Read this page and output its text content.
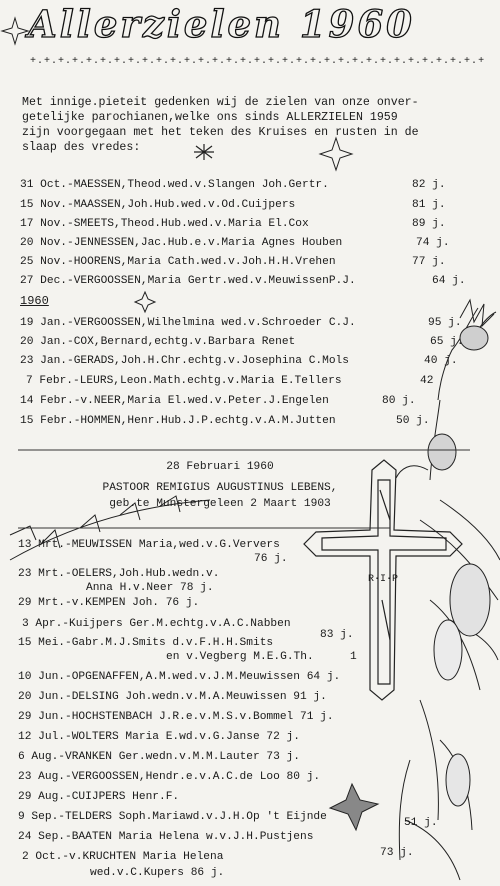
Allerzielen 1960
+.+.+.+.+.+.+.+.+.+.+.+.+.+.+.+.+.+.+.+.+.+.+.+.+.+.+.+.+.+.+.+.+
Met innige.pieteit gedenken wij de zielen van onze onver-
getelijke parochianen,welke ons sinds ALLERZIELEN 1959
zijn voorgegaan met het teken des Kruises en rusten in de
slaap des vredes:
31 Oct.-MAESSEN,Theod.wed.v.Slangen Joh.Gertr.	82 j.
15 Nov.-MAASSEN,Joh.Hub.wed.v.Od.Cuijpers	81 j.
17 Nov.-SMEETS,Theod.Hub.wed.v.Maria El.Cox	89 j.
20 Nov.-JENNESSEN,Jac.Hub.e.v.Maria Agnes Houben	74 j.
25 Nov.-HOORENS,Maria Cath.wed.v.Joh.H.H.Vrehen	77 j.
27 Dec.-VERGOOSSEN,Maria Gertr.wed.v.MeuwissenP.J.	64 j.
1960
19 Jan.-VERGOOSSEN,Wilhelmina wed.v.Schroeder C.J.	95 j.
20 Jan.-COX,Bernard,echtg.v.Barbara Renet	65 j.
23 Jan.-GERADS,Joh.H.Chr.echtg.v.Josephina C.Mols	40 j.
7 Febr.-LEURS,Leon.Math.echtg.v.Maria E.Tellers	42
14 Febr.-v.NEER,Maria El.wed.v.Peter.J.Engelen	80 j.
15 Febr.-HOMMEN,Henr.Hub.J.P.echtg.v.A.M.Jutten	50 j.
28 Februari 1960
PASTOOR REMIGIUS AUGUSTINUS LEBENS,
geb.te Munstergeleen 2 Maart 1903
13 Mrt.-MEUWISSEN Maria,wed.v.G.Ververs
76 j.
23 Mrt.-OELERS,Joh.Hub.wedn.v.
Anna H.v.Neer 78 j.
29 Mrt.-v.KEMPEN Joh. 76 j.
3 Apr.-Kuijpers Ger.M.echtg.v.A.C.Nabben
15 Mei.-Gabr.M.J.Smits d.v.F.H.H.Smits
83 j.
en v.Vegberg M.E.G.Th.	1
10 Jun.-OPGENAFFEN,A.M.wed.v.J.M.Meuwissen 64 j.
20 Jun.-DELSING Joh.wedn.v.M.A.Meuwissen 91 j.
29 Jun.-HOCHSTENBACH J.R.e.v.M.S.v.Bommel 71 j.
12 Jul.-WOLTERS Maria E.wd.v.G.Janse 72 j.
6 Aug.-VRANKEN Ger.wedn.v.M.M.Lauter 73 j.
23 Aug.-VERGOOSSEN,Hendr.e.v.A.C.de Loo 80 j.
29 Aug.-CUIJPERS Henr.F.
9 Sep.-TELDERS Soph.Mariawd.v.J.H.Op 't Eijnde	51 j.
24 Sep.-BAATEN Maria Helena w.v.J.H.Pustjens
73 j.
2 Oct.-v.KRUCHTEN Maria Helena
wed.v.C.Kupers 86 j.
R·I·P
